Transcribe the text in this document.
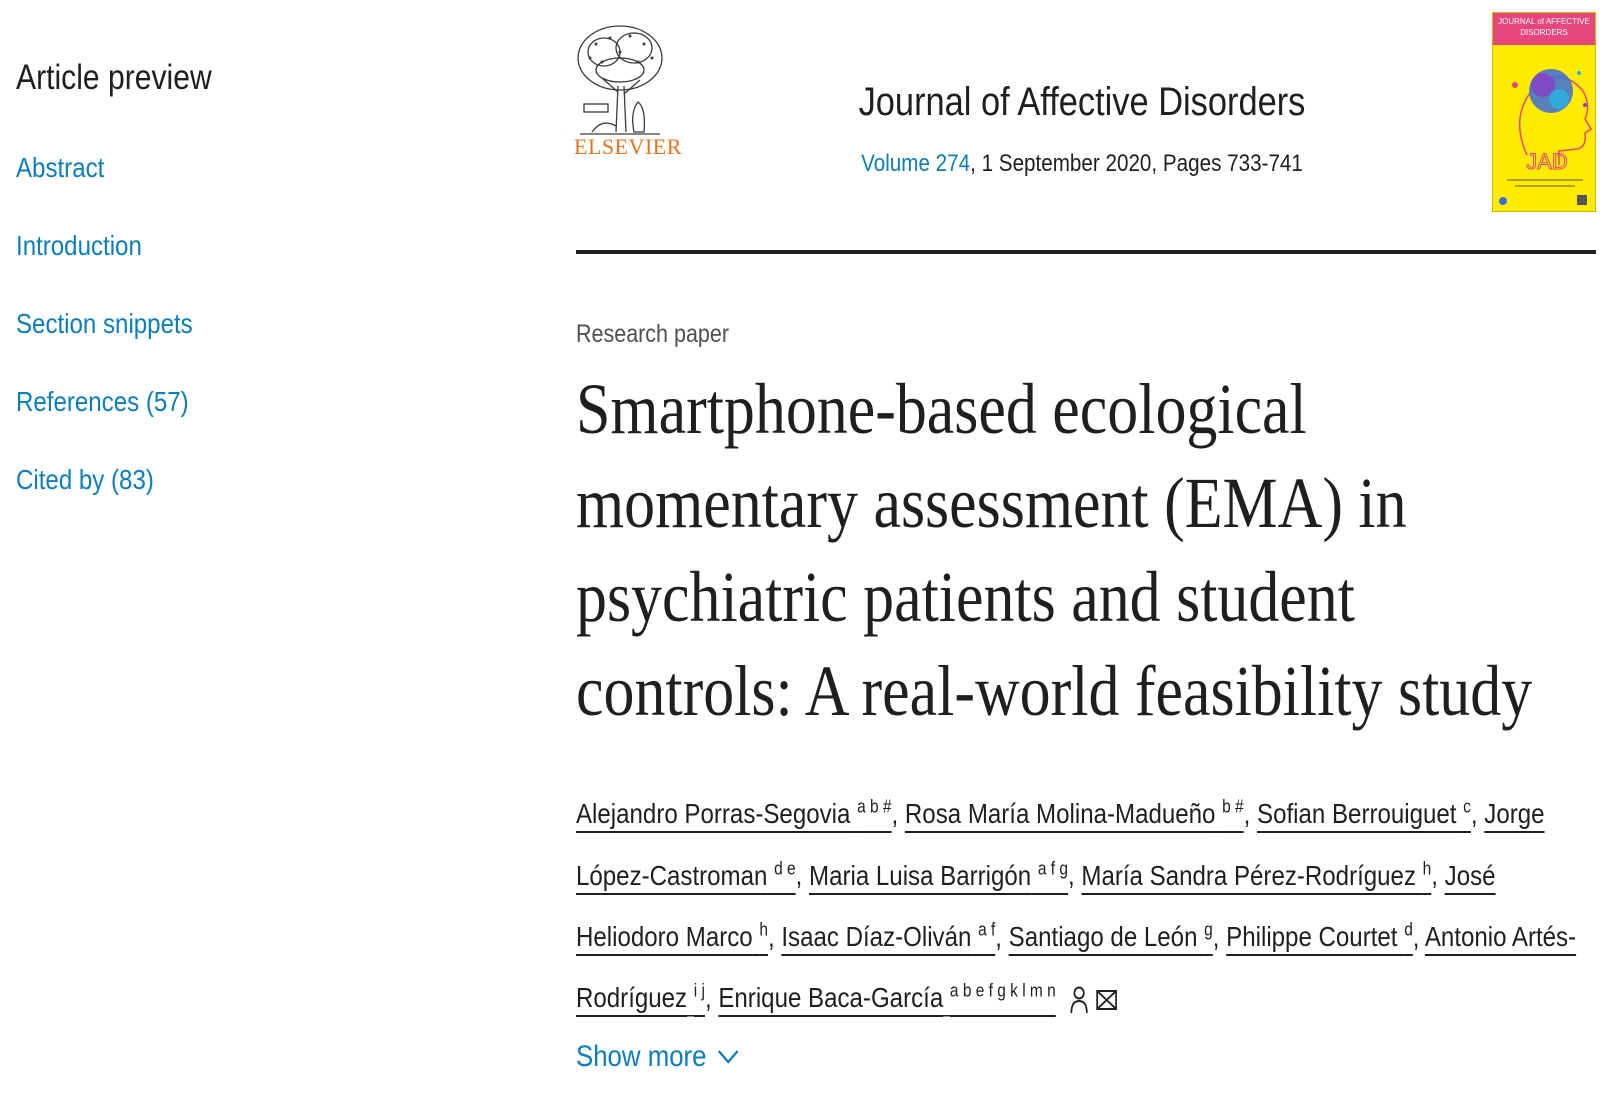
Article preview
Abstract
Introduction
Section snippets
References (57)
Cited by (83)
ELSEVIER
Journal of Affective Disorders
Volume 274, 1 September 2020, Pages 733-741
JOURNAL of AFFECTIVE DISORDERS
JAD
Research paper
Smartphone-based ecological momentary assessment (EMA) in psychiatric patients and student controls: A real-world feasibility study

Alejandro Porras-Segovia $^{a b \#}$, Rosa María Molina-Madueño $^{b \#}$, Sofian Berrouiguet $^c$, Jorge López-Castroman $^{d e}$, Maria Luisa Barrigón $^{a f g}$, María Sandra Pérez-Rodríguez $^h$, José Heliodoro Marco $^h$, Isaac Díaz-Oliván $^{a f}$, Santiago de León $^g$, Philippe Courtet $^d$, Antonio Artés-Rodríguez $^{i j}$, Enrique Baca-García $^{a b e f g k l m n}$

Show more
